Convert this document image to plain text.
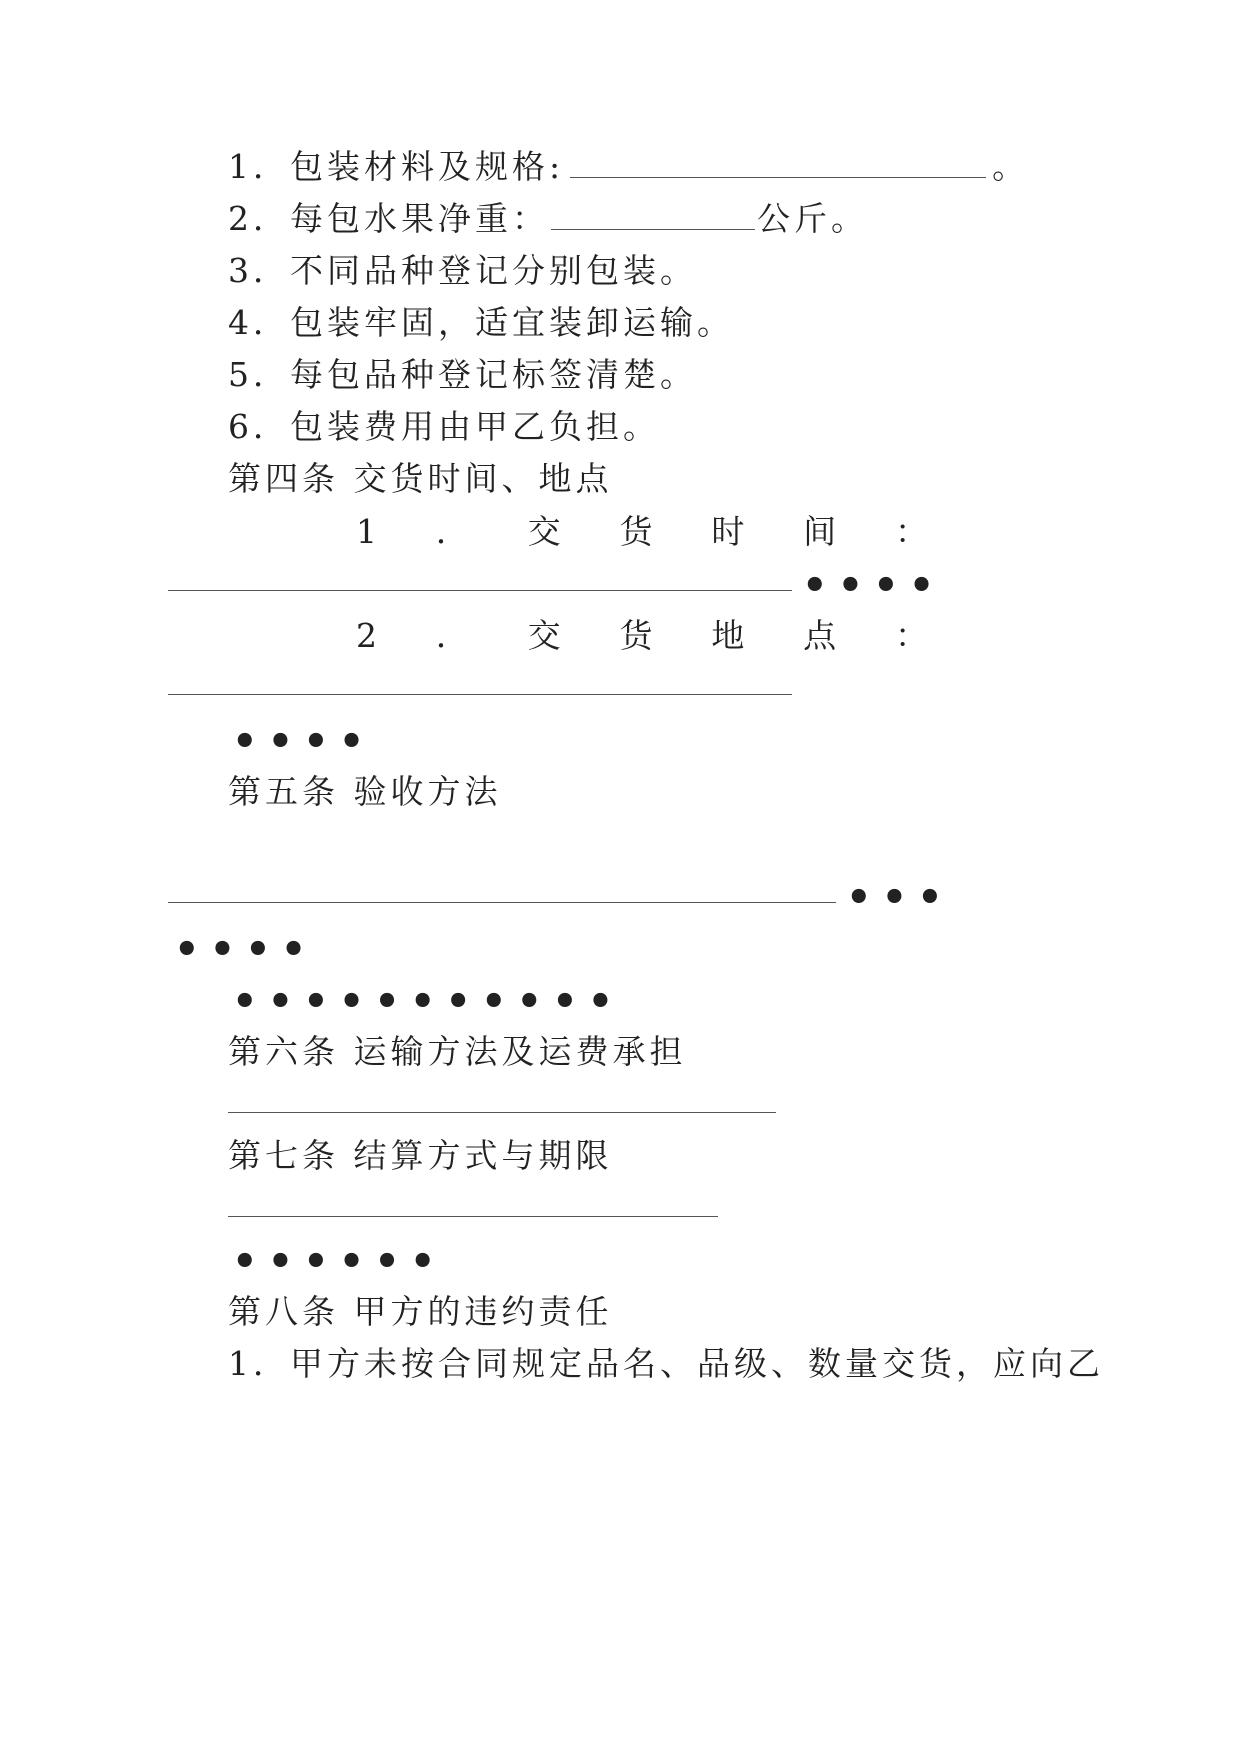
1．包装材料及规格:	。
2．每包水果净重：	公斤。
3．不同品种登记分别包装。
4．包装牢固，适宜装卸运输。
5．每包品种登记标签清楚。
6．包装费用由甲乙负担。
第四条 交货时间、地点
1 ． 交 货 时 间 ：
••••
2 ． 交 货 地 点 ：
••••
第五条 验收方法
•••
••••
•••••••••••
第六条 运输方法及运费承担
第七条 结算方式与期限
••••••
第八条 甲方的违约责任
1．甲方未按合同规定品名、品级、数量交货，应向乙
